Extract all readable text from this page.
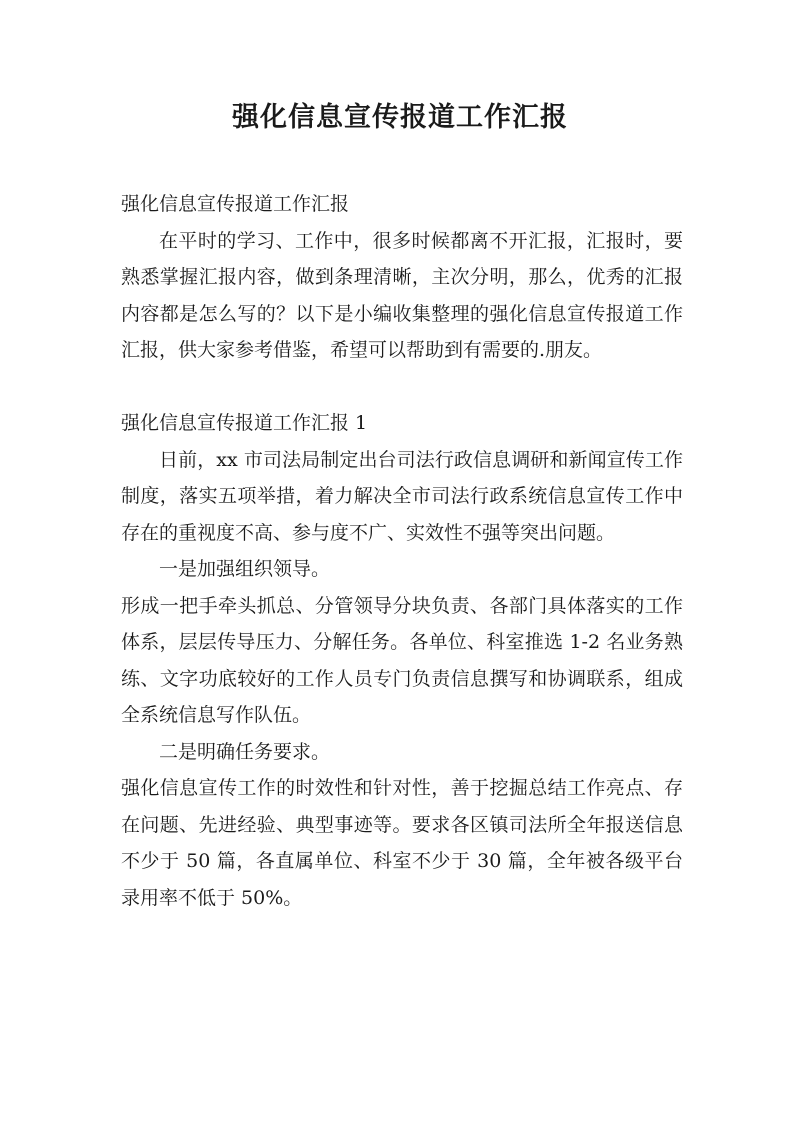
强化信息宣传报道工作汇报

强化信息宣传报道工作汇报

在平时的学习、工作中，很多时候都离不开汇报，汇报时，要熟悉掌握汇报内容，做到条理清晰，主次分明，那么，优秀的汇报内容都是怎么写的？以下是小编收集整理的强化信息宣传报道工作汇报，供大家参考借鉴，希望可以帮助到有需要的.朋友。

强化信息宣传报道工作汇报 1

日前，xx 市司法局制定出台司法行政信息调研和新闻宣传工作制度，落实五项举措，着力解决全市司法行政系统信息宣传工作中存在的重视度不高、参与度不广、实效性不强等突出问题。

一是加强组织领导。

形成一把手牵头抓总、分管领导分块负责、各部门具体落实的工作体系，层层传导压力、分解任务。各单位、科室推选 1-2 名业务熟练、文字功底较好的工作人员专门负责信息撰写和协调联系，组成全系统信息写作队伍。

二是明确任务要求。

强化信息宣传工作的时效性和针对性，善于挖掘总结工作亮点、存在问题、先进经验、典型事迹等。要求各区镇司法所全年报送信息不少于 50 篇，各直属单位、科室不少于 30 篇，全年被各级平台录用率不低于 50%。
